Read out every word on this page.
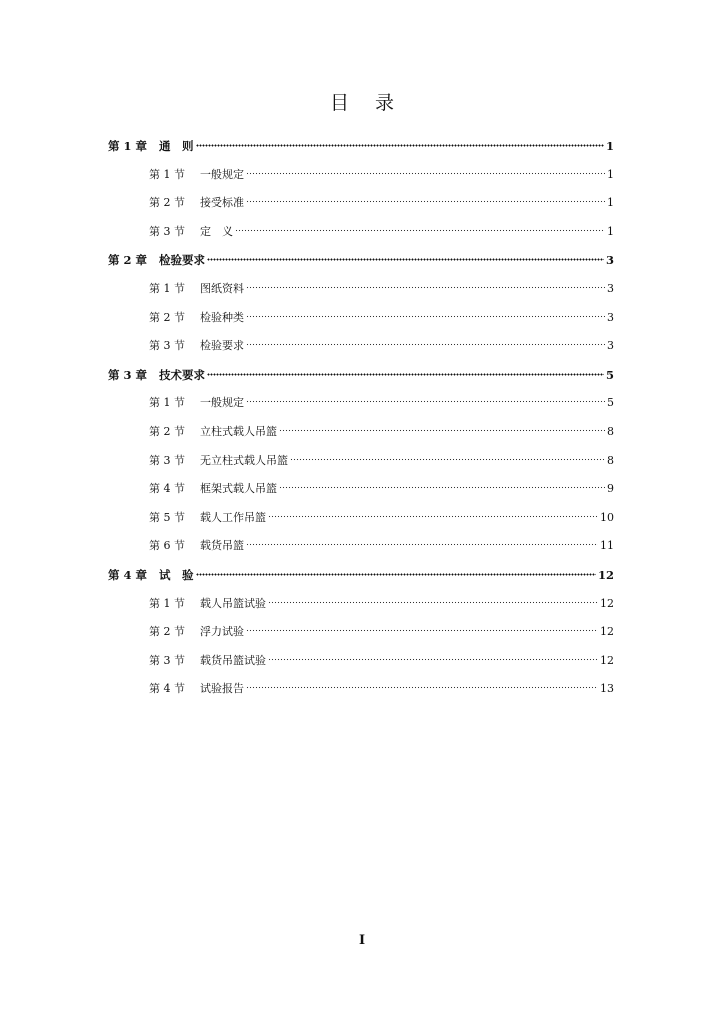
目 录
第 1 章	通　则	1
第 1 节	一般规定	1
第 2 节	接受标准	1
第 3 节	定　义	1
第 2 章	检验要求	3
第 1 节	图纸资料	3
第 2 节	检验种类	3
第 3 节	检验要求	3
第 3 章	技术要求	5
第 1 节	一般规定	5
第 2 节	立柱式载人吊篮	8
第 3 节	无立柱式载人吊篮	8
第 4 节	框架式载人吊篮	9
第 5 节	载人工作吊篮	10
第 6 节	载货吊篮	11
第 4 章	试　验	12
第 1 节	载人吊篮试验	12
第 2 节	浮力试验	12
第 3 节	载货吊篮试验	12
第 4 节	试验报告	13
I
